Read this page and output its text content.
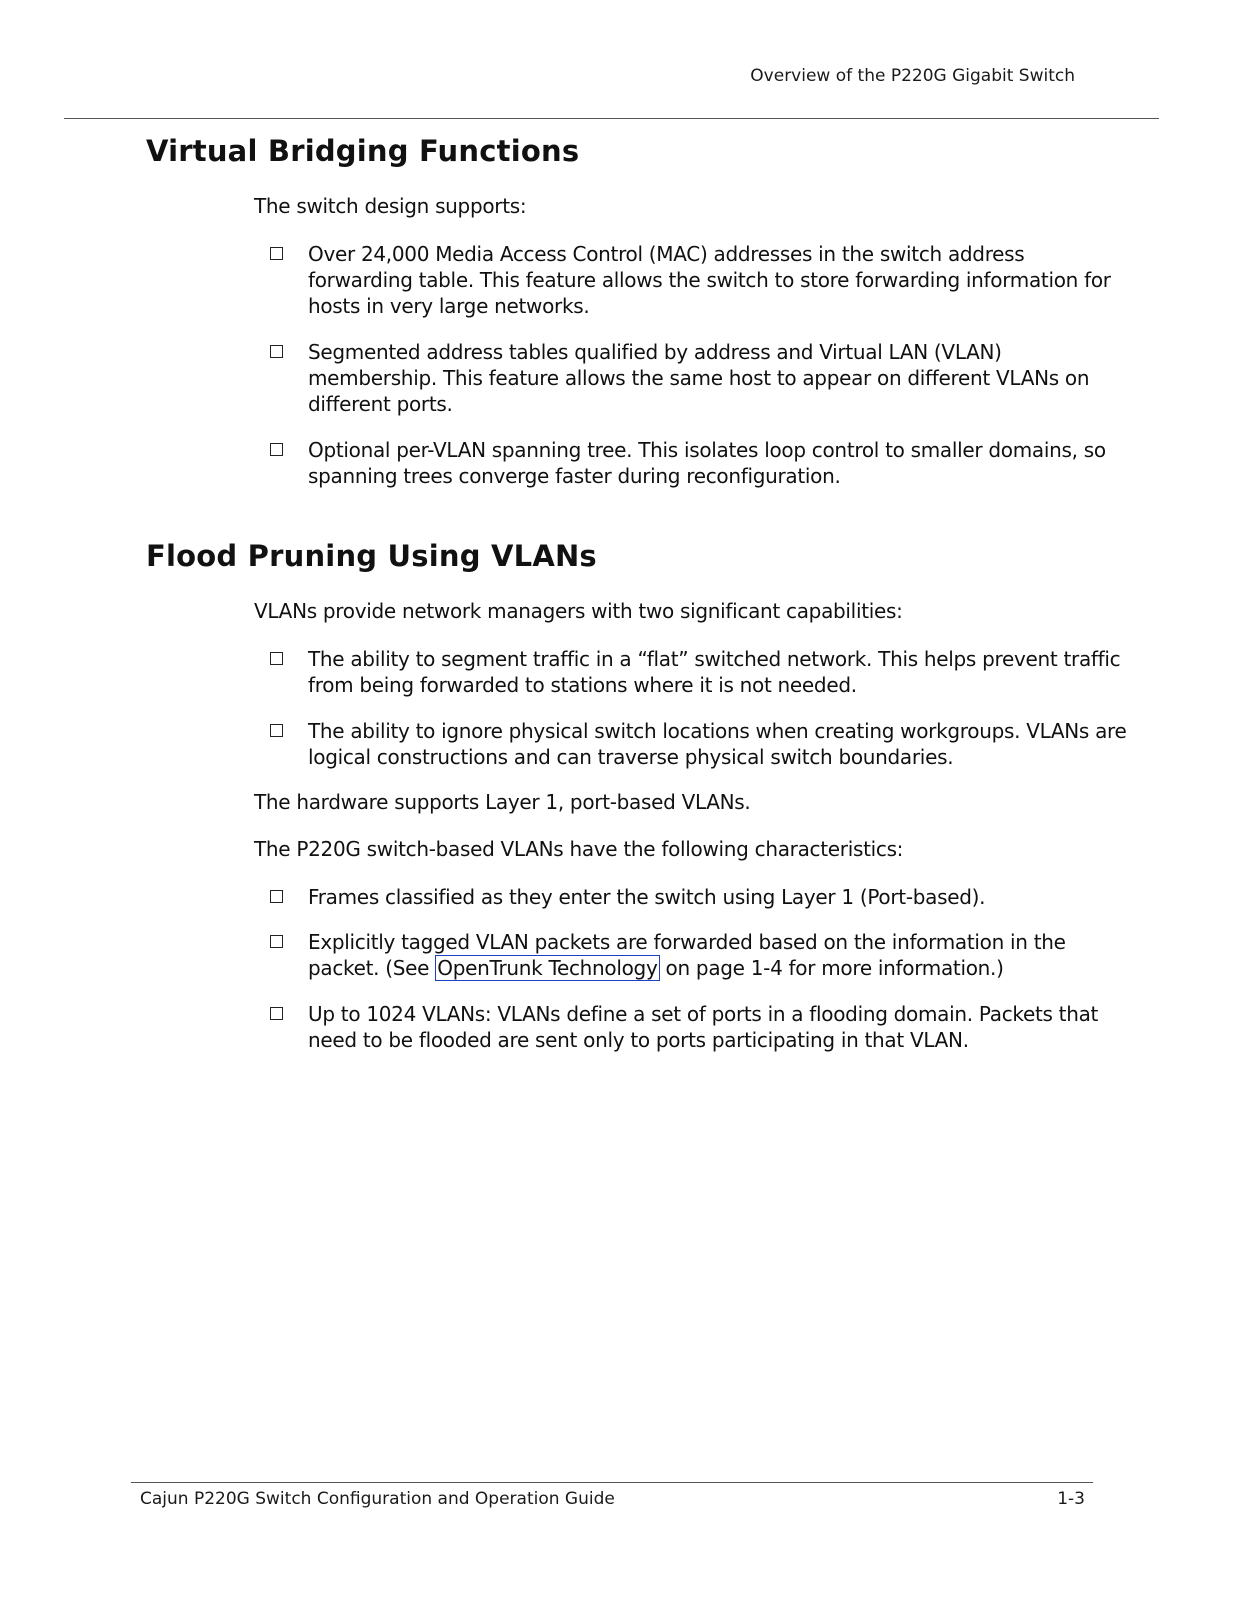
Overview of the P220G Gigabit Switch
Virtual Bridging Functions

The switch design supports:

Over 24,000 Media Access Control (MAC) addresses in the switch address forwarding table. This feature allows the switch to store forwarding information for hosts in very large networks.
Segmented address tables qualified by address and Virtual LAN (VLAN) membership. This feature allows the same host to appear on different VLANs on different ports.
Optional per-VLAN spanning tree. This isolates loop control to smaller domains, so spanning trees converge faster during reconfiguration.
Flood Pruning Using VLANs

VLANs provide network managers with two significant capabilities:

The ability to segment traffic in a “flat” switched network. This helps prevent traffic from being forwarded to stations where it is not needed.
The ability to ignore physical switch locations when creating workgroups. VLANs are logical constructions and can traverse physical switch boundaries.

The hardware supports Layer 1, port-based VLANs.

The P220G switch-based VLANs have the following characteristics:

Frames classified as they enter the switch using Layer 1 (Port-based).
Explicitly tagged VLAN packets are forwarded based on the information in the packet. (See OpenTrunk Technology on page 1-4 for more information.)
Up to 1024 VLANs: VLANs define a set of ports in a flooding domain. Packets that need to be flooded are sent only to ports participating in that VLAN.
Cajun P220G Switch Configuration and Operation Guide	1-3
